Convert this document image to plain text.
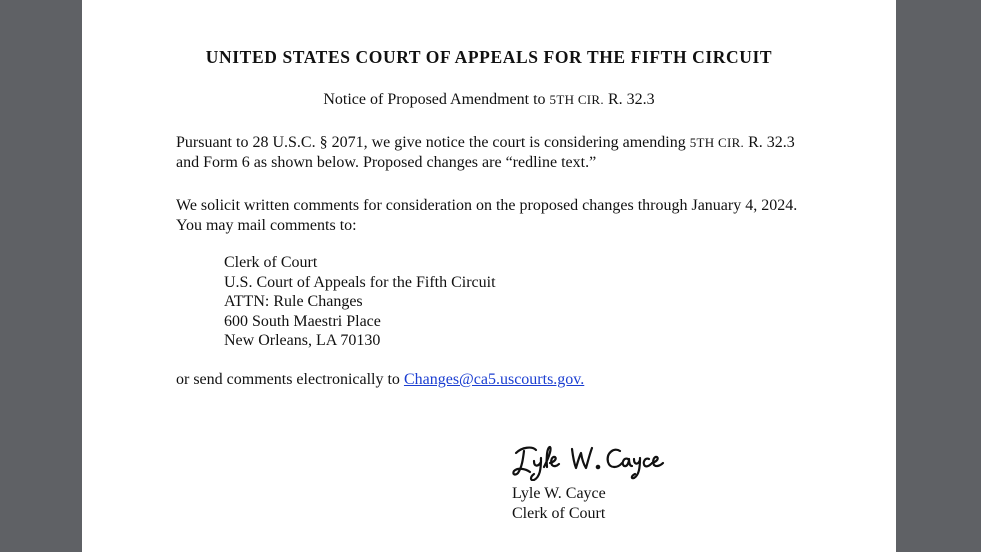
UNITED STATES COURT OF APPEALS FOR THE FIFTH CIRCUIT
Notice of Proposed Amendment to 5TH CIR. R. 32.3
Pursuant to 28 U.S.C. § 2071, we give notice the court is considering amending 5TH CIR. R. 32.3 and Form 6 as shown below. Proposed changes are “redline text.”
We solicit written comments for consideration on the proposed changes through January 4, 2024. You may mail comments to:
Clerk of Court
U.S. Court of Appeals for the Fifth Circuit
ATTN: Rule Changes
600 South Maestri Place
New Orleans, LA 70130
or send comments electronically to Changes@ca5.uscourts.gov.
Lyle W. Cayce
Clerk of Court
